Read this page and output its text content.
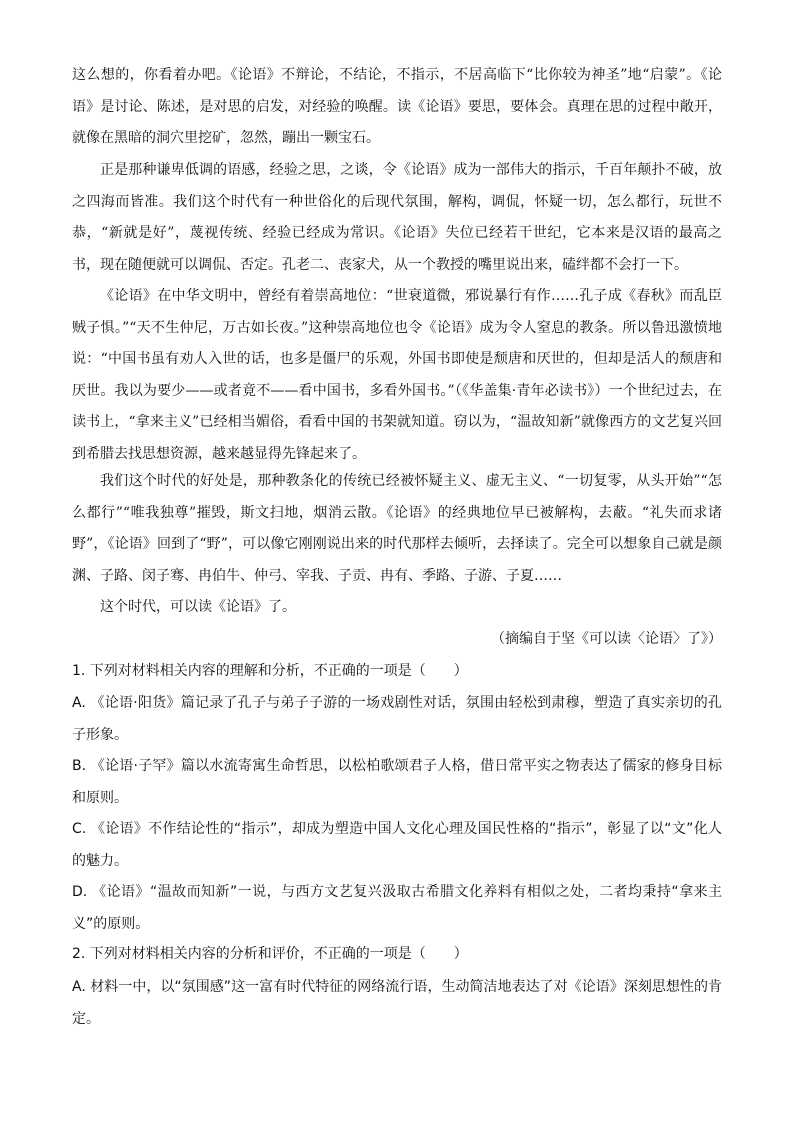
这么想的，你看着办吧。《论语》不辩论，不结论，不指示，不居高临下“比你较为神圣”地“启蒙”。《论语》是讨论、陈述，是对思的启发，对经验的唤醒。读《论语》要思，要体会。真理在思的过程中敞开，就像在黑暗的洞穴里挖矿，忽然，蹦出一颗宝石。

正是那种谦卑低调的语感，经验之思，之谈，令《论语》成为一部伟大的指示，千百年颠扑不破，放之四海而皆准。我们这个时代有一种世俗化的后现代氛围，解构，调侃，怀疑一切，怎么都行，玩世不恭，“新就是好”，蔑视传统、经验已经成为常识。《论语》失位已经若干世纪，它本来是汉语的最高之书，现在随便就可以调侃、否定。孔老二、丧家犬，从一个教授的嘴里说出来，磕绊都不会打一下。

《论语》在中华文明中，曾经有着崇高地位：“世衰道微，邪说暴行有作……孔子成《春秋》而乱臣贼子惧。”“天不生仲尼，万古如长夜。”这种崇高地位也令《论语》成为令人窒息的教条。所以鲁迅激愤地说：“中国书虽有劝人入世的话，也多是僵尸的乐观，外国书即使是颓唐和厌世的，但却是活人的颓唐和厌世。我以为要少——或者竟不——看中国书，多看外国书。”（《华盖集·青年必读书》）一个世纪过去，在读书上，“拿来主义”已经相当媚俗，看看中国的书架就知道。窃以为，“温故知新”就像西方的文艺复兴回到希腊去找思想资源，越来越显得先锋起来了。

我们这个时代的好处是，那种教条化的传统已经被怀疑主义、虚无主义、“一切复零，从头开始”“怎么都行”“唯我独尊”摧毁，斯文扫地，烟消云散。《论语》的经典地位早已被解构，去蔽。“礼失而求诸野”，《论语》回到了“野”，可以像它刚刚说出来的时代那样去倾听，去择读了。完全可以想象自己就是颜渊、子路、闵子骞、冉伯牛、仲弓、宰我、子贡、冉有、季路、子游、子夏……

这个时代，可以读《论语》了。

（摘编自于坚《可以读〈论语〉了》）

1. 下列对材料相关内容的理解和分析，不正确的一项是（　　）
A. 《论语·阳货》篇记录了孔子与弟子子游的一场戏剧性对话，氛围由轻松到肃穆，塑造了真实亲切的孔子形象。
B. 《论语·子罕》篇以水流寄寓生命哲思，以松柏歌颂君子人格，借日常平实之物表达了儒家的修身目标和原则。
C. 《论语》不作结论性的“指示”，却成为塑造中国人文化心理及国民性格的“指示”，彰显了以“文”化人的魅力。
D. 《论语》“温故而知新”一说，与西方文艺复兴汲取古希腊文化养料有相似之处，二者均秉持“拿来主义”的原则。
2. 下列对材料相关内容的分析和评价，不正确的一项是（　　）
A. 材料一中，以“氛围感”这一富有时代特征的网络流行语，生动简洁地表达了对《论语》深刻思想性的肯定。
